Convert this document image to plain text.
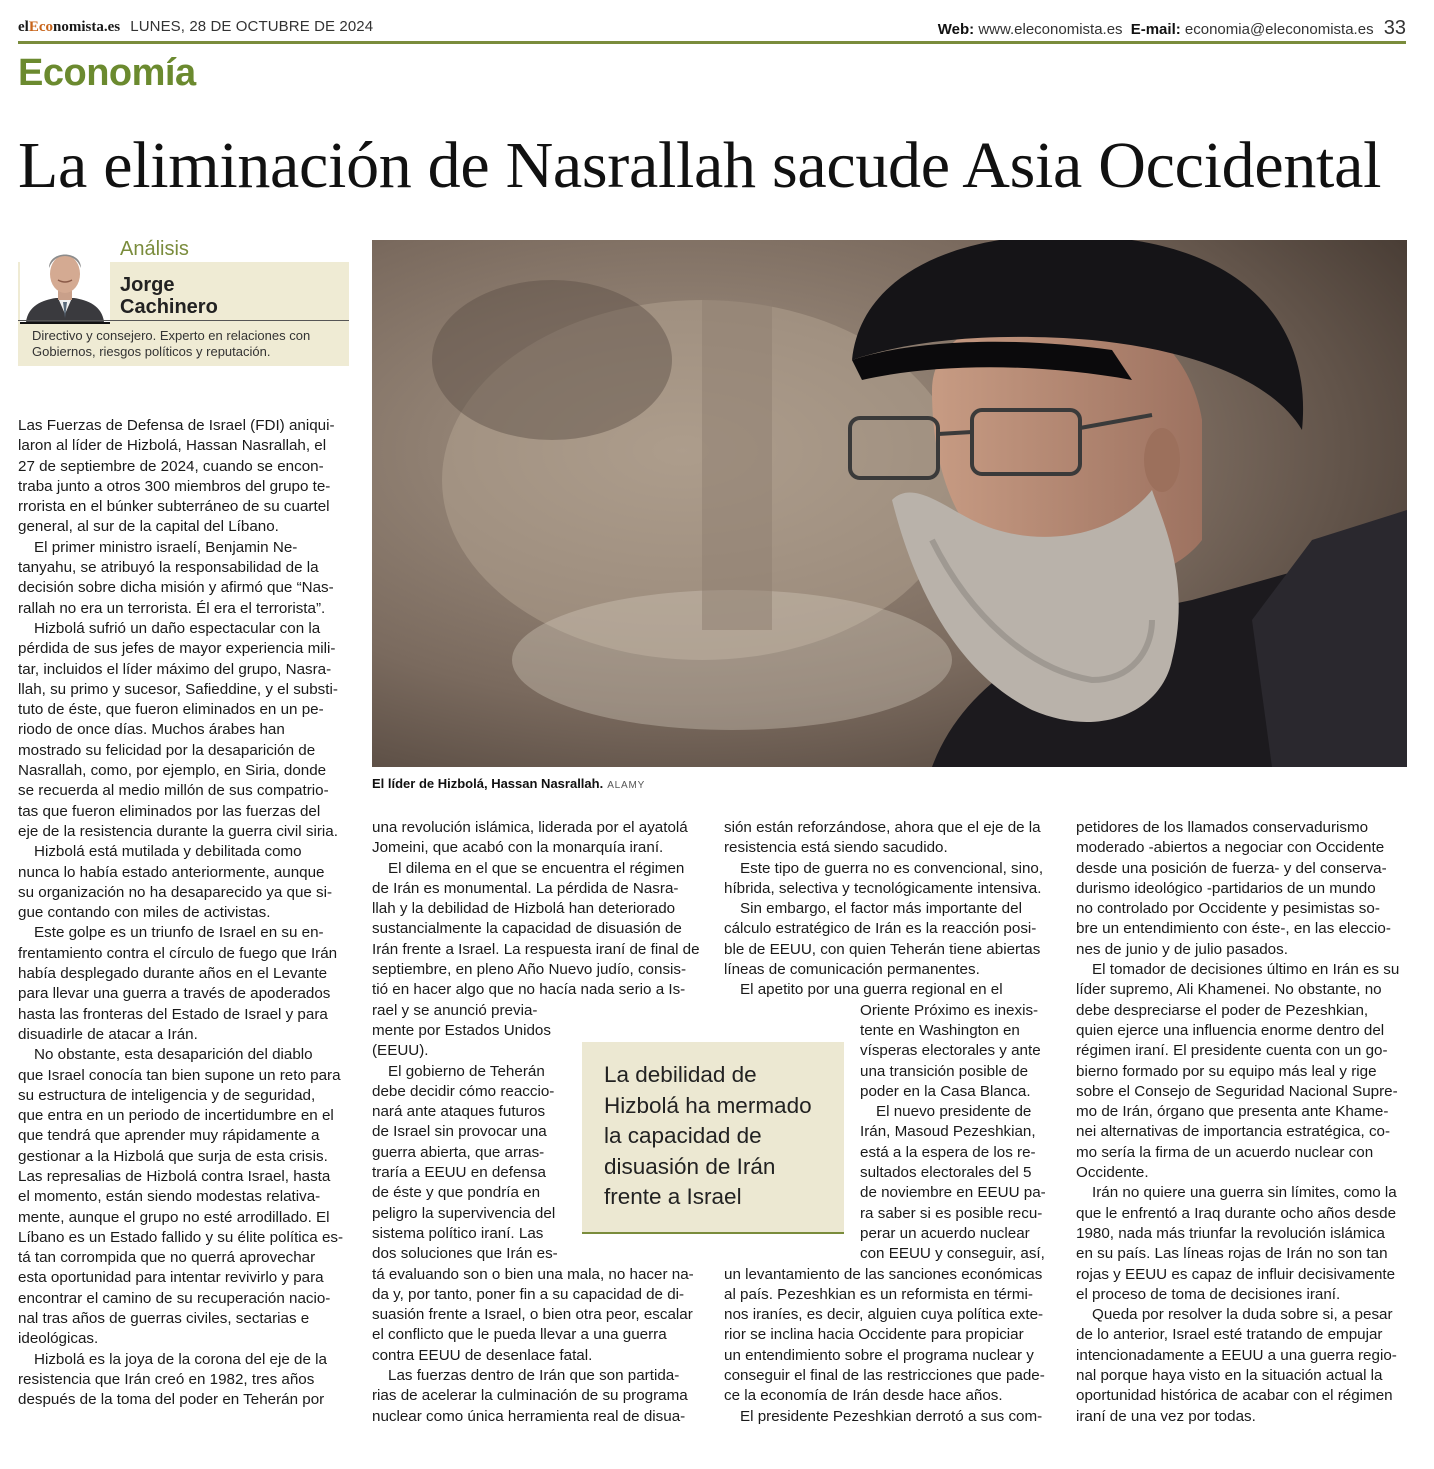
elEconomista.es LUNES, 28 DE OCTUBRE DE 2024	Web: www.eleconomista.es E-mail: economia@eleconomista.es 33
Economía
La eliminación de Nasrallah sacude Asia Occidental
Análisis
Jorge
Cachinero
Directivo y consejero. Experto en relaciones con Gobiernos, riesgos políticos y reputación.
El líder de Hizbolá, Hassan Nasrallah. ALAMY
La debilidad de
Hizbolá ha mermado
la capacidad de
disuasión de Irán
frente a Israel
Las Fuerzas de Defensa de Israel (FDI) aniqui-
laron al líder de Hizbolá, Hassan Nasrallah, el
27 de septiembre de 2024, cuando se encon-
traba junto a otros 300 miembros del grupo te-
rrorista en el búnker subterráneo de su cuartel
general, al sur de la capital del Líbano.
El primer ministro israelí, Benjamin Ne-
tanyahu, se atribuyó la responsabilidad de la
decisión sobre dicha misión y afirmó que “Nas-
rallah no era un terrorista. Él era el terrorista”.
Hizbolá sufrió un daño espectacular con la
pérdida de sus jefes de mayor experiencia mili-
tar, incluidos el líder máximo del grupo, Nasra-
llah, su primo y sucesor, Safieddine, y el substi-
tuto de éste, que fueron eliminados en un pe-
riodo de once días. Muchos árabes han
mostrado su felicidad por la desaparición de
Nasrallah, como, por ejemplo, en Siria, donde
se recuerda al medio millón de sus compatrio-
tas que fueron eliminados por las fuerzas del
eje de la resistencia durante la guerra civil siria.
Hizbolá está mutilada y debilitada como
nunca lo había estado anteriormente, aunque
su organización no ha desaparecido ya que si-
gue contando con miles de activistas.
Este golpe es un triunfo de Israel en su en-
frentamiento contra el círculo de fuego que Irán
había desplegado durante años en el Levante
para llevar una guerra a través de apoderados
hasta las fronteras del Estado de Israel y para
disuadirle de atacar a Irán.
No obstante, esta desaparición del diablo
que Israel conocía tan bien supone un reto para
su estructura de inteligencia y de seguridad,
que entra en un periodo de incertidumbre en el
que tendrá que aprender muy rápidamente a
gestionar a la Hizbolá que surja de esta crisis.
Las represalias de Hizbolá contra Israel, hasta
el momento, están siendo modestas relativa-
mente, aunque el grupo no esté arrodillado. El
Líbano es un Estado fallido y su élite política es-
tá tan corrompida que no querrá aprovechar
esta oportunidad para intentar revivirlo y para
encontrar el camino de su recuperación nacio-
nal tras años de guerras civiles, sectarias e
ideológicas.
Hizbolá es la joya de la corona del eje de la
resistencia que Irán creó en 1982, tres años
después de la toma del poder en Teherán por
una revolución islámica, liderada por el ayatolá
Jomeini, que acabó con la monarquía iraní.
El dilema en el que se encuentra el régimen
de Irán es monumental. La pérdida de Nasra-
llah y la debilidad de Hizbolá han deteriorado
sustancialmente la capacidad de disuasión de
Irán frente a Israel. La respuesta iraní de final de
septiembre, en pleno Año Nuevo judío, consis-
tió en hacer algo que no hacía nada serio a Is-
rael y se anunció previa-
mente por Estados Unidos
(EEUU).
El gobierno de Teherán
debe decidir cómo reaccio-
nará ante ataques futuros
de Israel sin provocar una
guerra abierta, que arras-
traría a EEUU en defensa
de éste y que pondría en
peligro la supervivencia del
sistema político iraní. Las
dos soluciones que Irán es-
tá evaluando son o bien una mala, no hacer na-
da y, por tanto, poner fin a su capacidad de di-
suasión frente a Israel, o bien otra peor, escalar
el conflicto que le pueda llevar a una guerra
contra EEUU de desenlace fatal.
Las fuerzas dentro de Irán que son partida-
rias de acelerar la culminación de su programa
nuclear como única herramienta real de disua-
sión están reforzándose, ahora que el eje de la
resistencia está siendo sacudido.
Este tipo de guerra no es convencional, sino,
híbrida, selectiva y tecnológicamente intensiva.
Sin embargo, el factor más importante del
cálculo estratégico de Irán es la reacción posi-
ble de EEUU, con quien Teherán tiene abiertas
líneas de comunicación permanentes.
El apetito por una guerra regional en el
Oriente Próximo es inexis-
tente en Washington en
vísperas electorales y ante
una transición posible de
poder en la Casa Blanca.
El nuevo presidente de
Irán, Masoud Pezeshkian,
está a la espera de los re-
sultados electorales del 5
de noviembre en EEUU pa-
ra saber si es posible recu-
perar un acuerdo nuclear
con EEUU y conseguir, así,
un levantamiento de las sanciones económicas
al país. Pezeshkian es un reformista en térmi-
nos iraníes, es decir, alguien cuya política exte-
rior se inclina hacia Occidente para propiciar
un entendimiento sobre el programa nuclear y
conseguir el final de las restricciones que pade-
ce la economía de Irán desde hace años.
El presidente Pezeshkian derrotó a sus com-
petidores de los llamados conservadurismo
moderado -abiertos a negociar con Occidente
desde una posición de fuerza- y del conserva-
durismo ideológico -partidarios de un mundo
no controlado por Occidente y pesimistas so-
bre un entendimiento con éste-, en las eleccio-
nes de junio y de julio pasados.
El tomador de decisiones último en Irán es su
líder supremo, Ali Khamenei. No obstante, no
debe despreciarse el poder de Pezeshkian,
quien ejerce una influencia enorme dentro del
régimen iraní. El presidente cuenta con un go-
bierno formado por su equipo más leal y rige
sobre el Consejo de Seguridad Nacional Supre-
mo de Irán, órgano que presenta ante Khame-
nei alternativas de importancia estratégica, co-
mo sería la firma de un acuerdo nuclear con
Occidente.
Irán no quiere una guerra sin límites, como la
que le enfrentó a Iraq durante ocho años desde
1980, nada más triunfar la revolución islámica
en su país. Las líneas rojas de Irán no son tan
rojas y EEUU es capaz de influir decisivamente
el proceso de toma de decisiones iraní.
Queda por resolver la duda sobre si, a pesar
de lo anterior, Israel esté tratando de empujar
intencionadamente a EEUU a una guerra regio-
nal porque haya visto en la situación actual la
oportunidad histórica de acabar con el régimen
iraní de una vez por todas.
